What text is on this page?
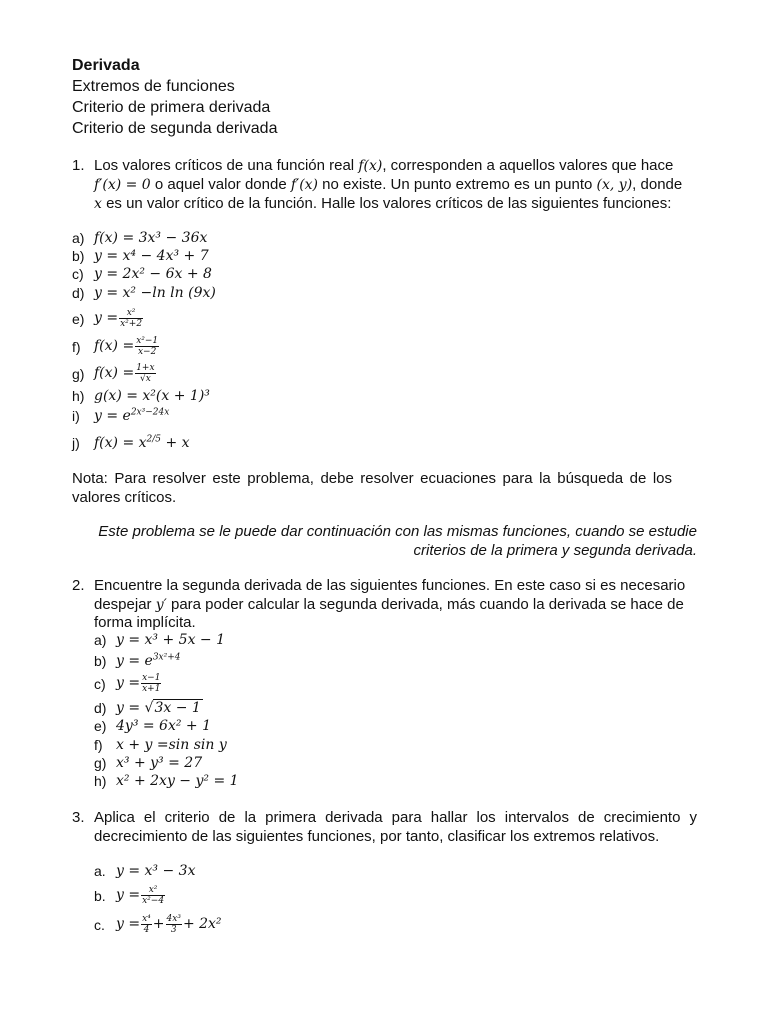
Derivada
Extremos de funciones
Criterio de primera derivada
Criterio de segunda derivada
1. Los valores críticos de una función real f(x), corresponden a aquellos valores que hace
f′(x) = 0 o aquel valor donde f′(x) no existe. Un punto extremo es un punto (x, y), donde
x es un valor crítico de la función. Halle los valores críticos de las siguientes funciones:
a) f(x) = 3x³ − 36x
b) y = x⁴ − 4x³ + 7
c) y = 2x² − 6x + 8
d) y = x² −ln ln (9x)
e) $y = \frac{\text{x²}}{\text{x²+2}}$
f) $f(x) = \frac{\text{x²−1}}{x-2}$
g) $f(x) = \frac{1+x}{√x}$
h) g(x) = x²(x + 1)³
i) $y = e^{2x^3-24x}$
j) $f(x) = x^{2/5} + x$
Nota: Para resolver este problema, debe resolver ecuaciones para la búsqueda de los valores críticos.
Este problema se le puede dar continuación con las mismas funciones, cuando se estudie criterios de la primera y segunda derivada.
2. Encuentre la segunda derivada de las siguientes funciones. En este caso si es necesario
despejar y′ para poder calcular la segunda derivada, más cuando la derivada se hace de
forma implícita.
a) y = x³ + 5x − 1
b) $y = e^{3x^2+4}$
c) $y = \frac{x-1}{x+1}$
d) y = √3x − 1
e) 4y³ = 6x² + 1
f) x + y =sin sin y
g) x³ + y³ = 27
h) x² + 2xy − y² = 1
3. Aplica el criterio de la primera derivada para hallar los intervalos de crecimiento y decrecimiento de las siguientes funciones, por tanto, clasificar los extremos relativos.
a. y = x³ − 3x
b. $y = \frac{\text{x²}}{\text{x²−4}}$
c. $y = \frac{\text{x⁴}}{4} + \frac{\text{4x³}}{3} + 2x^2$
